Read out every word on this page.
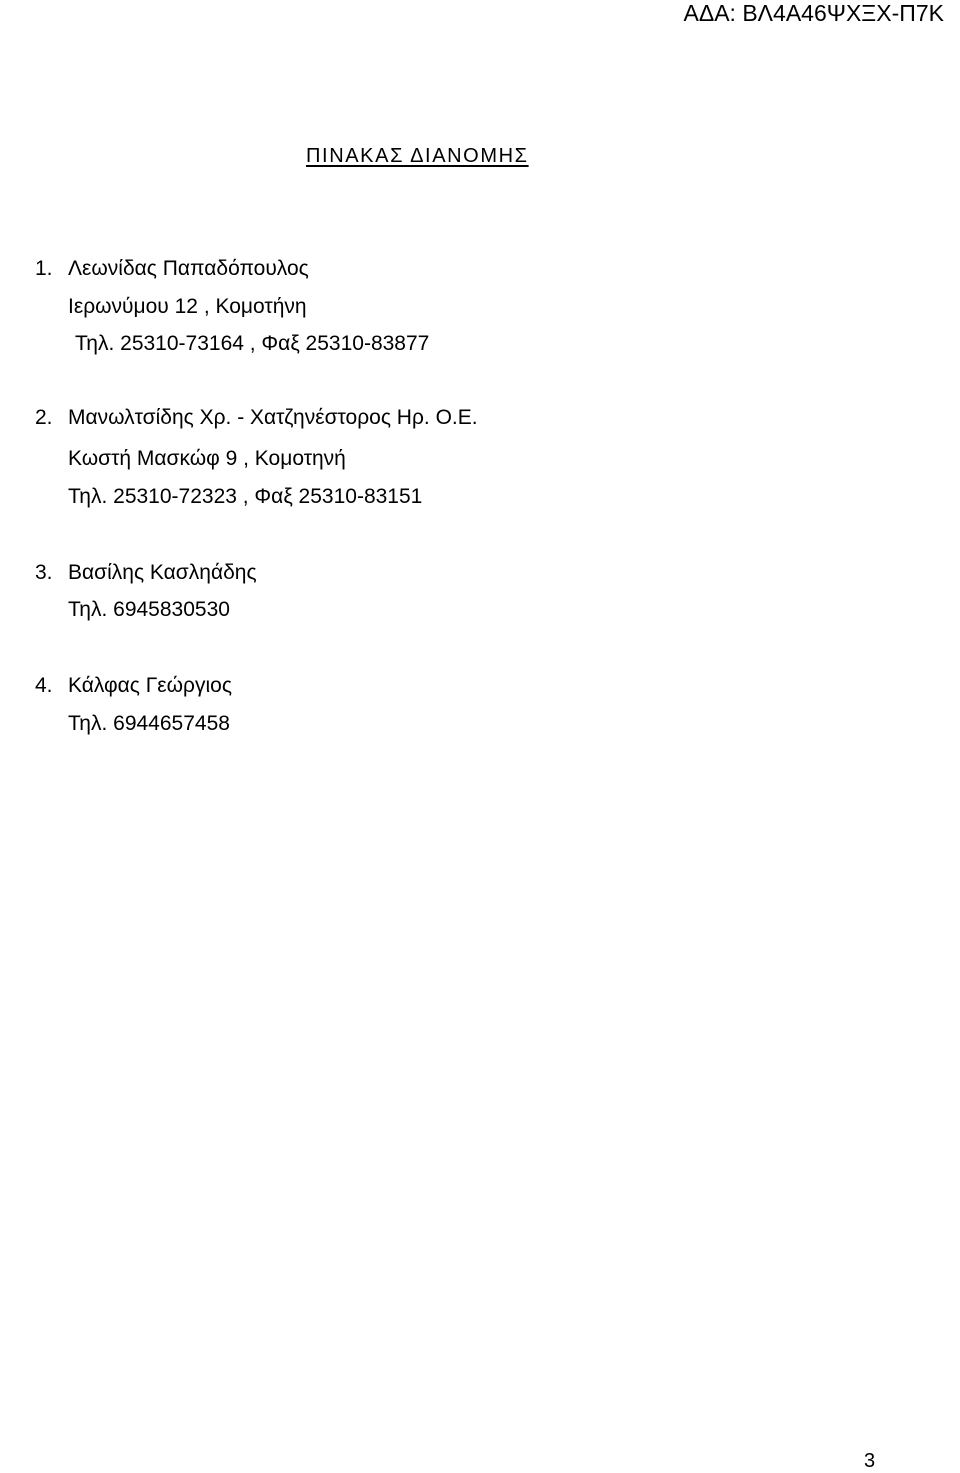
ΑΔΑ: ΒΛ4Α46ΨΧΞΧ-Π7Κ
ΠΙΝΑΚΑΣ ΔΙΑΝΟΜΗΣ
1. Λεωνίδας Παπαδόπουλος
Ιερωνύμου 12 , Κομοτήνη
Τηλ. 25310-73164 , Φαξ 25310-83877
2. Μανωλτσίδης Χρ. - Χατζηνέστορος Ηρ. Ο.Ε.
Κωστή Μασκώφ 9 , Κομοτηνή
Τηλ. 25310-72323 , Φαξ 25310-83151
3. Βασίλης Κασληάδης
Τηλ. 6945830530
4. Κάλφας Γεώργιος
Τηλ. 6944657458
3
